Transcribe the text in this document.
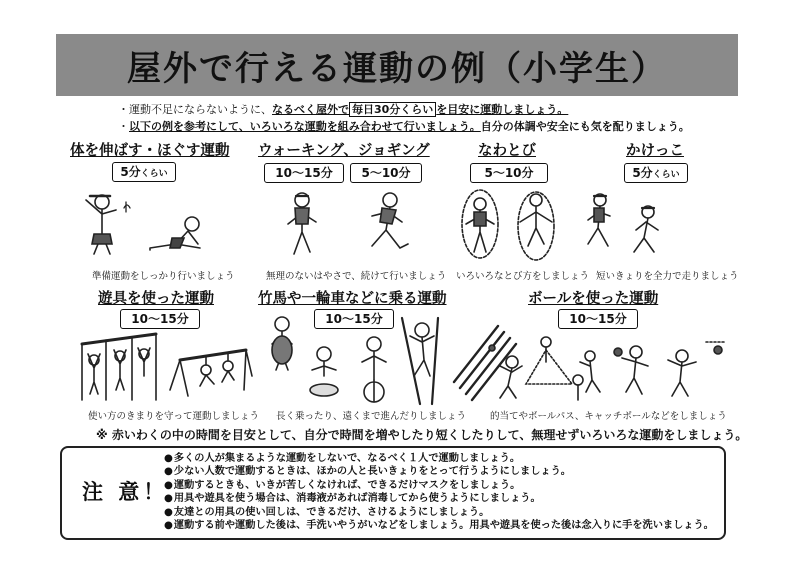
屋外で行える運動の例（小学生）
・運動不足にならないように、なるべく屋外で 毎日30分くらい を目安に運動しましょう。
・以下の例を参考にして、いろいろな運動を組み合わせて行いましょう。自分の体調や安全にも気を配りましょう。
体を伸ばす・ほぐす運動
5分くらい
ウォーキング、ジョギング
10～15分	5～10分
なわとび
5～10分
かけっこ
5分くらい
準備運動をしっかり行いましょう	無理のないはやさで、続けて行いましょう いろいろなとび方をしましょう 短いきょりを全力で走りましょう
遊具を使った運動
10～15分
竹馬や一輪車などに乗る運動
10～15分
ボールを使った運動
10～15分
使い方のきまりを守って運動しましょう 長く乗ったり、遠くまで進んだりしましょう	的当てやボールパス、キャッチボールなどをしましょう
※ 赤いわくの中の時間を目安として、自分で時間を増やしたり短くしたりして、無理せずいろいろな運動をしましょう。
注 意！
● 多くの人が集まるような運動をしないで、なるべく１人で運動しましょう。
● 少ない人数で運動するときは、ほかの人と長いきょりをとって行うようにしましょう。
● 運動するときも、いきが苦しくなければ、できるだけマスクをしましょう。
● 用具や遊具を使う場合は、消毒液があれば消毒してから使うようにしましょう。
● 友達との用具の使い回しは、できるだけ、さけるようにしましょう。
● 運動する前や運動した後は、手洗いやうがいなどをしましょう。用具や遊具を使った後は念入りに手を洗いましょう。
